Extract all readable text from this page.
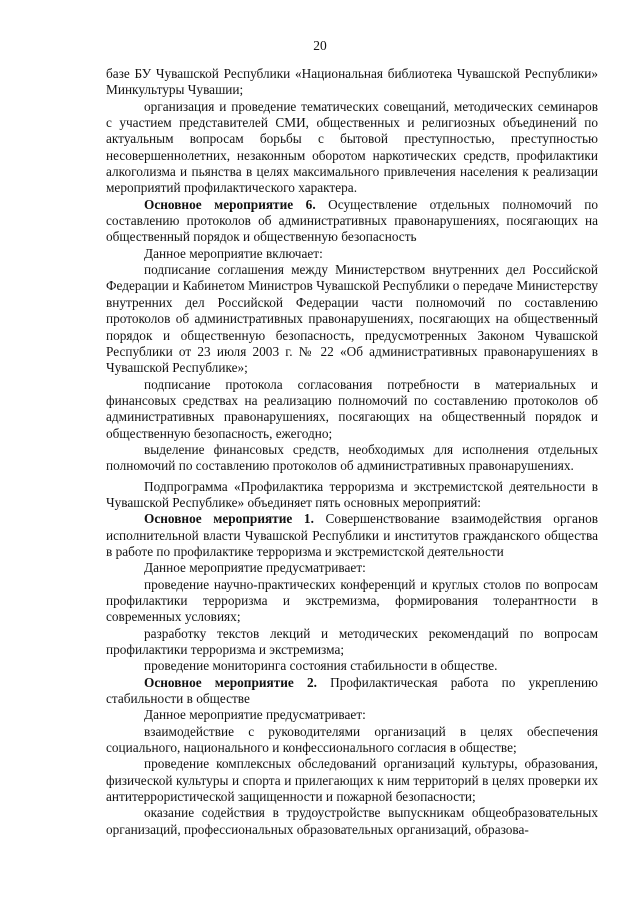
20

базе БУ Чувашской Республики «Национальная библиотека Чувашской Республики» Минкультуры Чувашии;

организация и проведение тематических совещаний, методических семинаров с участием представителей СМИ, общественных и религиозных объединений по актуальным вопросам борьбы с бытовой преступностью, преступностью несовершеннолетних, незаконным оборотом наркотических средств, профилактики алкоголизма и пьянства в целях максимального привлечения населения к реализации мероприятий профилактического характера.

Основное мероприятие 6. Осуществление отдельных полномочий по составлению протоколов об административных правонарушениях, посягающих на общественный порядок и общественную безопасность

Данное мероприятие включает:

подписание соглашения между Министерством внутренних дел Российской Федерации и Кабинетом Министров Чувашской Республики о передаче Министерству внутренних дел Российской Федерации части полномочий по составлению протоколов об административных правонарушениях, посягающих на общественный порядок и общественную безопасность, предусмотренных Законом Чувашской Республики от 23 июля 2003 г. № 22 «Об административных правонарушениях в Чувашской Республике»;

подписание протокола согласования потребности в материальных и финансовых средствах на реализацию полномочий по составлению протоколов об административных правонарушениях, посягающих на общественный порядок и общественную безопасность, ежегодно;

выделение финансовых средств, необходимых для исполнения отдельных полномочий по составлению протоколов об административных правонарушениях.

Подпрограмма «Профилактика терроризма и экстремистской деятельности в Чувашской Республике» объединяет пять основных мероприятий:

Основное мероприятие 1. Совершенствование взаимодействия органов исполнительной власти Чувашской Республики и институтов гражданского общества в работе по профилактике терроризма и экстремистской деятельности

Данное мероприятие предусматривает:

проведение научно-практических конференций и круглых столов по вопросам профилактики терроризма и экстремизма, формирования толерантности в современных условиях;

разработку текстов лекций и методических рекомендаций по вопросам профилактики терроризма и экстремизма;

проведение мониторинга состояния стабильности в обществе.

Основное мероприятие 2. Профилактическая работа по укреплению стабильности в обществе

Данное мероприятие предусматривает:

взаимодействие с руководителями организаций в целях обеспечения социального, национального и конфессионального согласия в обществе;

проведение комплексных обследований организаций культуры, образования, физической культуры и спорта и прилегающих к ним территорий в целях проверки их антитеррористической защищенности и пожарной безопасности;

оказание содействия в трудоустройстве выпускникам общеобразовательных организаций, профессиональных образовательных организаций, образова-
